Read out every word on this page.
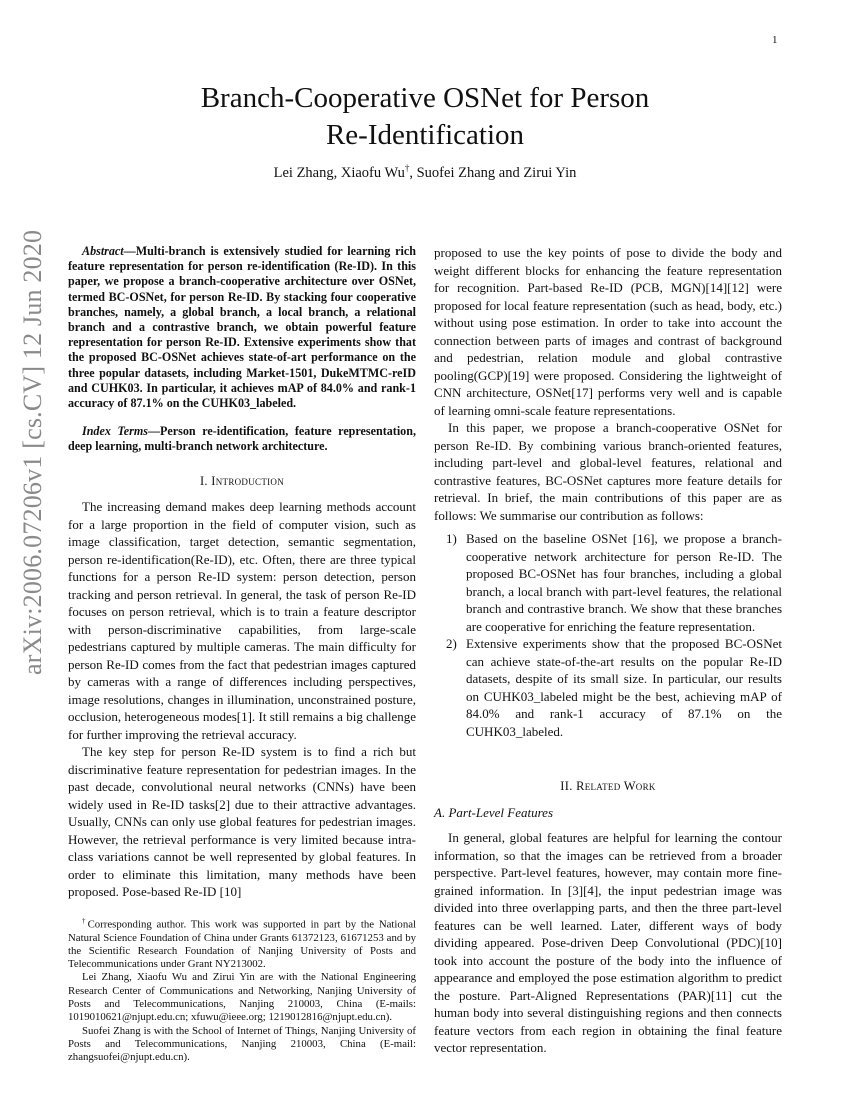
1
arXiv:2006.07206v1 [cs.CV] 12 Jun 2020
Branch-Cooperative OSNet for Person
Re-Identification
Lei Zhang, Xiaofu Wu†, Suofei Zhang and Zirui Yin

Abstract—Multi-branch is extensively studied for learning rich feature representation for person re-identification (Re-ID). In this paper, we propose a branch-cooperative architecture over OSNet, termed BC-OSNet, for person Re-ID. By stacking four cooperative branches, namely, a global branch, a local branch, a relational branch and a contrastive branch, we obtain powerful feature representation for person Re-ID. Extensive experiments show that the proposed BC-OSNet achieves state-of-art performance on the three popular datasets, including Market-1501, DukeMTMC-reID and CUHK03. In particular, it achieves mAP of 84.0% and rank-1 accuracy of 87.1% on the CUHK03_labeled.

Index Terms—Person re-identification, feature representation, deep learning, multi-branch network architecture.

I. Introduction

The increasing demand makes deep learning methods account for a large proportion in the field of computer vision, such as image classification, target detection, semantic segmentation, person re-identification(Re-ID), etc. Often, there are three typical functions for a person Re-ID system: person detection, person tracking and person retrieval. In general, the task of person Re-ID focuses on person retrieval, which is to train a feature descriptor with person-discriminative capabilities, from large-scale pedestrians captured by multiple cameras. The main difficulty for person Re-ID comes from the fact that pedestrian images captured by cameras with a range of differences including perspectives, image resolutions, changes in illumination, unconstrained posture, occlusion, heterogeneous modes[1]. It still remains a big challenge for further improving the retrieval accuracy.

The key step for person Re-ID system is to find a rich but discriminative feature representation for pedestrian images. In the past decade, convolutional neural networks (CNNs) have been widely used in Re-ID tasks[2] due to their attractive advantages. Usually, CNNs can only use global features for pedestrian images. However, the retrieval performance is very limited because intra-class variations cannot be well represented by global features. In order to eliminate this limitation, many methods have been proposed. Pose-based Re-ID [10]

†Corresponding author. This work was supported in part by the National Natural Science Foundation of China under Grants 61372123, 61671253 and by the Scientific Research Foundation of Nanjing University of Posts and Telecommunications under Grant NY213002.

Lei Zhang, Xiaofu Wu and Zirui Yin are with the National Engineering Research Center of Communications and Networking, Nanjing University of Posts and Telecommunications, Nanjing 210003, China (E-mails: 1019010621@njupt.edu.cn; xfuwu@ieee.org; 1219012816@njupt.edu.cn).

Suofei Zhang is with the School of Internet of Things, Nanjing University of Posts and Telecommunications, Nanjing 210003, China (E-mail: zhangsuofei@njupt.edu.cn).

proposed to use the key points of pose to divide the body and weight different blocks for enhancing the feature representation for recognition. Part-based Re-ID (PCB, MGN)[14][12] were proposed for local feature representation (such as head, body, etc.) without using pose estimation. In order to take into account the connection between parts of images and contrast of background and pedestrian, relation module and global contrastive pooling(GCP)[19] were proposed. Considering the lightweight of CNN architecture, OSNet[17] performs very well and is capable of learning omni-scale feature representations.

In this paper, we propose a branch-cooperative OSNet for person Re-ID. By combining various branch-oriented features, including part-level and global-level features, relational and contrastive features, BC-OSNet captures more feature details for retrieval. In brief, the main contributions of this paper are as follows: We summarise our contribution as follows:

1) Based on the baseline OSNet [16], we propose a branch-cooperative network architecture for person Re-ID. The proposed BC-OSNet has four branches, including a global branch, a local branch with part-level features, the relational branch and contrastive branch. We show that these branches are cooperative for enriching the feature representation.
2) Extensive experiments show that the proposed BC-OSNet can achieve state-of-the-art results on the popular Re-ID datasets, despite of its small size. In particular, our results on CUHK03_labeled might be the best, achieving mAP of 84.0% and rank-1 accuracy of 87.1% on the CUHK03_labeled.
II. Related Work
A. Part-Level Features

In general, global features are helpful for learning the contour information, so that the images can be retrieved from a broader perspective. Part-level features, however, may contain more fine-grained information. In [3][4], the input pedestrian image was divided into three overlapping parts, and then the three part-level features can be well learned. Later, different ways of body dividing appeared. Pose-driven Deep Convolutional (PDC)[10] took into account the posture of the body into the influence of appearance and employed the pose estimation algorithm to predict the posture. Part-Aligned Representations (PAR)[11] cut the human body into several distinguishing regions and then connects feature vectors from each region in obtaining the final feature vector representation.
